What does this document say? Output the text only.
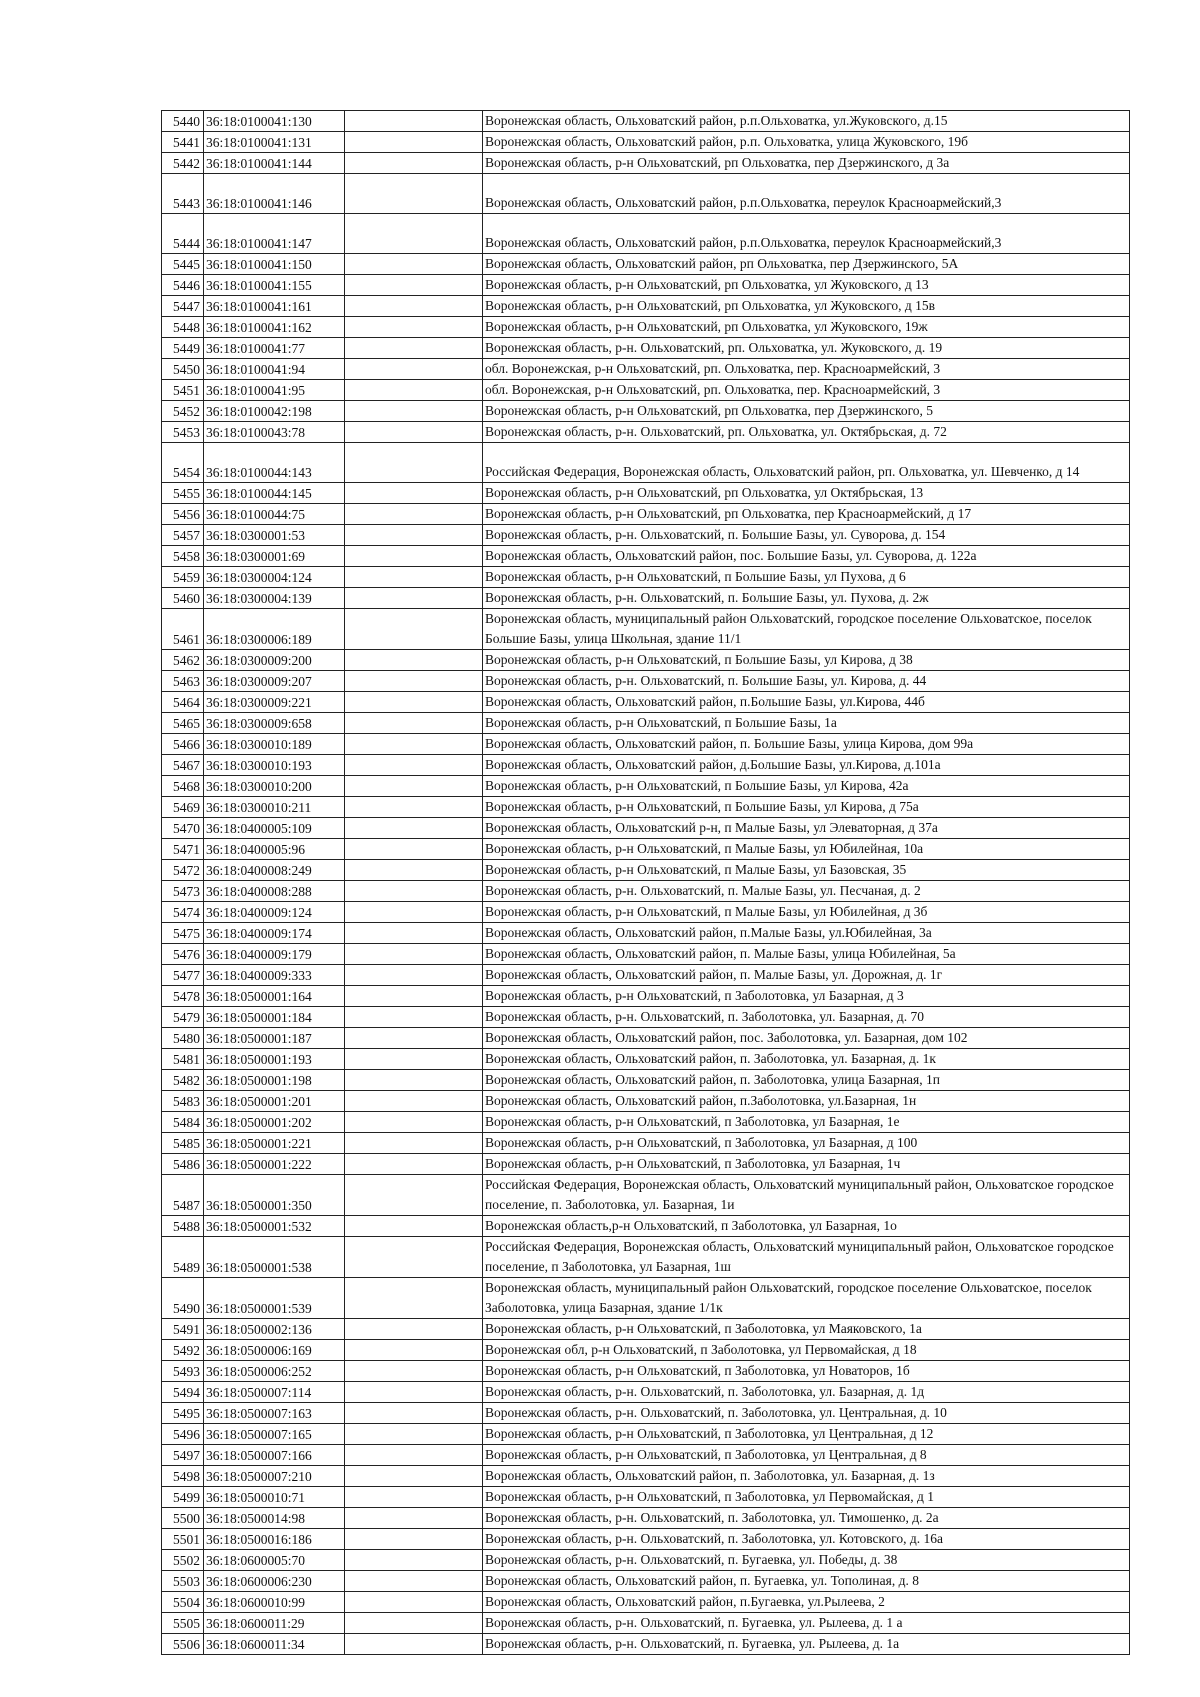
5440	36:18:0100041:130		Воронежская область, Ольховатский район, р.п.Ольховатка, ул.Жуковского, д.15
5441	36:18:0100041:131		Воронежская область, Ольховатский район, р.п. Ольховатка, улица Жуковского, 19б
5442	36:18:0100041:144		Воронежская область, р-н Ольховатский, рп Ольховатка, пер Дзержинского, д 3а
5443	36:18:0100041:146		Воронежская область, Ольховатский район, р.п.Ольховатка, переулок Красноармейский,3
5444	36:18:0100041:147		Воронежская область, Ольховатский район, р.п.Ольховатка, переулок Красноармейский,3
5445	36:18:0100041:150		Воронежская область, Ольховатский район, рп Ольховатка, пер Дзержинского, 5А
5446	36:18:0100041:155		Воронежская область, р-н Ольховатский, рп Ольховатка, ул Жуковского, д 13
5447	36:18:0100041:161		Воронежская область, р-н Ольховатский, рп Ольховатка, ул Жуковского, д 15в
5448	36:18:0100041:162		Воронежская область, р-н Ольховатский, рп Ольховатка, ул Жуковского, 19ж
5449	36:18:0100041:77		Воронежская область, р-н. Ольховатский, рп. Ольховатка, ул. Жуковского, д. 19
5450	36:18:0100041:94		обл. Воронежская, р-н Ольховатский, рп. Ольховатка, пер. Красноармейский, 3
5451	36:18:0100041:95		обл. Воронежская, р-н Ольховатский, рп. Ольховатка, пер. Красноармейский, 3
5452	36:18:0100042:198		Воронежская область, р-н Ольховатский, рп Ольховатка, пер Дзержинского, 5
5453	36:18:0100043:78		Воронежская область, р-н. Ольховатский, рп. Ольховатка, ул. Октябрьская, д. 72
5454	36:18:0100044:143		Российская Федерация, Воронежская область, Ольховатский район, рп. Ольховатка, ул. Шевченко, д 14
5455	36:18:0100044:145		Воронежская область, р-н Ольховатский, рп Ольховатка, ул Октябрьская, 13
5456	36:18:0100044:75		Воронежская область, р-н Ольховатский, рп Ольховатка, пер Красноармейский, д 17
5457	36:18:0300001:53		Воронежская область, р-н. Ольховатский, п. Большие Базы, ул. Суворова, д. 154
5458	36:18:0300001:69		Воронежская область, Ольховатский район, пос. Большие Базы, ул. Суворова, д. 122а
5459	36:18:0300004:124		Воронежская область, р-н Ольховатский, п Большие Базы, ул Пухова, д 6
5460	36:18:0300004:139		Воронежская область, р-н. Ольховатский, п. Большие Базы, ул. Пухова, д. 2ж
5461	36:18:0300006:189		Воронежская область, муниципальный район Ольховатский, городское поселение Ольховатское, поселок Большие Базы, улица Школьная, здание 11/1
5462	36:18:0300009:200		Воронежская область, р-н Ольховатский, п Большие Базы, ул Кирова, д 38
5463	36:18:0300009:207		Воронежская область, р-н. Ольховатский, п. Большие Базы, ул. Кирова, д. 44
5464	36:18:0300009:221		Воронежская область, Ольховатский район, п.Большие Базы, ул.Кирова, 44б
5465	36:18:0300009:658		Воронежская область, р-н Ольховатский, п Большие Базы, 1а
5466	36:18:0300010:189		Воронежская область, Ольховатский район, п. Большие Базы, улица Кирова, дом 99а
5467	36:18:0300010:193		Воронежская область, Ольховатский район, д.Большие Базы, ул.Кирова, д.101а
5468	36:18:0300010:200		Воронежская область, р-н Ольховатский, п Большие Базы, ул Кирова, 42а
5469	36:18:0300010:211		Воронежская область, р-н Ольховатский, п Большие Базы, ул Кирова, д 75а
5470	36:18:0400005:109		Воронежская область, Ольховатский р-н, п Малые Базы, ул Элеваторная, д 37а
5471	36:18:0400005:96		Воронежская область, р-н Ольховатский, п Малые Базы, ул Юбилейная, 10а
5472	36:18:0400008:249		Воронежская область, р-н Ольховатский, п Малые Базы, ул Базовская, 35
5473	36:18:0400008:288		Воронежская область, р-н. Ольховатский, п. Малые Базы, ул. Песчаная, д. 2
5474	36:18:0400009:124		Воронежская область, р-н Ольховатский, п Малые Базы, ул Юбилейная, д 3б
5475	36:18:0400009:174		Воронежская область, Ольховатский район, п.Малые Базы, ул.Юбилейная, 3а
5476	36:18:0400009:179		Воронежская область, Ольховатский район, п. Малые Базы, улица Юбилейная, 5а
5477	36:18:0400009:333		Воронежская область, Ольховатский район, п. Малые Базы, ул. Дорожная, д. 1г
5478	36:18:0500001:164		Воронежская область, р-н Ольховатский, п Заболотовка, ул Базарная, д 3
5479	36:18:0500001:184		Воронежская область, р-н. Ольховатский, п. Заболотовка, ул. Базарная, д. 70
5480	36:18:0500001:187		Воронежская область, Ольховатский район, пос. Заболотовка, ул. Базарная, дом 102
5481	36:18:0500001:193		Воронежская область, Ольховатский район, п. Заболотовка, ул. Базарная, д. 1к
5482	36:18:0500001:198		Воронежская область, Ольховатский район, п. Заболотовка, улица Базарная, 1п
5483	36:18:0500001:201		Воронежская область, Ольховатский район, п.Заболотовка, ул.Базарная, 1н
5484	36:18:0500001:202		Воронежская область, р-н Ольховатский, п Заболотовка, ул Базарная, 1е
5485	36:18:0500001:221		Воронежская область, р-н Ольховатский, п Заболотовка, ул Базарная, д 100
5486	36:18:0500001:222		Воронежская область, р-н Ольховатский, п Заболотовка, ул Базарная, 1ч
5487	36:18:0500001:350		Российская Федерация, Воронежская область, Ольховатский муниципальный район, Ольховатское городское поселение, п. Заболотовка, ул. Базарная, 1и
5488	36:18:0500001:532		Воронежская область,р-н Ольховатский, п Заболотовка, ул Базарная, 1о
5489	36:18:0500001:538		Российская Федерация, Воронежская область, Ольховатский муниципальный район, Ольховатское городское поселение, п Заболотовка, ул Базарная, 1ш
5490	36:18:0500001:539		Воронежская область, муниципальный район Ольховатский, городское поселение Ольховатское, поселок Заболотовка, улица Базарная, здание 1/1к
5491	36:18:0500002:136		Воронежская область, р-н Ольховатский, п Заболотовка, ул Маяковского, 1а
5492	36:18:0500006:169		Воронежская обл, р-н Ольховатский, п Заболотовка, ул Первомайская, д 18
5493	36:18:0500006:252		Воронежская область, р-н Ольховатский, п Заболотовка, ул Новаторов, 1б
5494	36:18:0500007:114		Воронежская область, р-н. Ольховатский, п. Заболотовка, ул. Базарная, д. 1д
5495	36:18:0500007:163		Воронежская область, р-н. Ольховатский, п. Заболотовка, ул. Центральная, д. 10
5496	36:18:0500007:165		Воронежская область, р-н Ольховатский, п Заболотовка, ул Центральная, д 12
5497	36:18:0500007:166		Воронежская область, р-н Ольховатский, п Заболотовка, ул Центральная, д 8
5498	36:18:0500007:210		Воронежская область, Ольховатский район, п. Заболотовка, ул. Базарная, д. 1з
5499	36:18:0500010:71		Воронежская область, р-н Ольховатский, п Заболотовка, ул Первомайская, д 1
5500	36:18:0500014:98		Воронежская область, р-н. Ольховатский, п. Заболотовка, ул. Тимошенко, д. 2а
5501	36:18:0500016:186		Воронежская область, р-н. Ольховатский, п. Заболотовка, ул. Котовского, д. 16а
5502	36:18:0600005:70		Воронежская область, р-н. Ольховатский, п. Бугаевка, ул. Победы, д. 38
5503	36:18:0600006:230		Воронежская область, Ольховатский район, п. Бугаевка, ул. Тополиная, д. 8
5504	36:18:0600010:99		Воронежская область, Ольховатский район, п.Бугаевка, ул.Рылеева, 2
5505	36:18:0600011:29		Воронежская область, р-н. Ольховатский, п. Бугаевка, ул. Рылеева, д. 1 а
5506	36:18:0600011:34		Воронежская область, р-н. Ольховатский, п. Бугаевка, ул. Рылеева, д. 1а
